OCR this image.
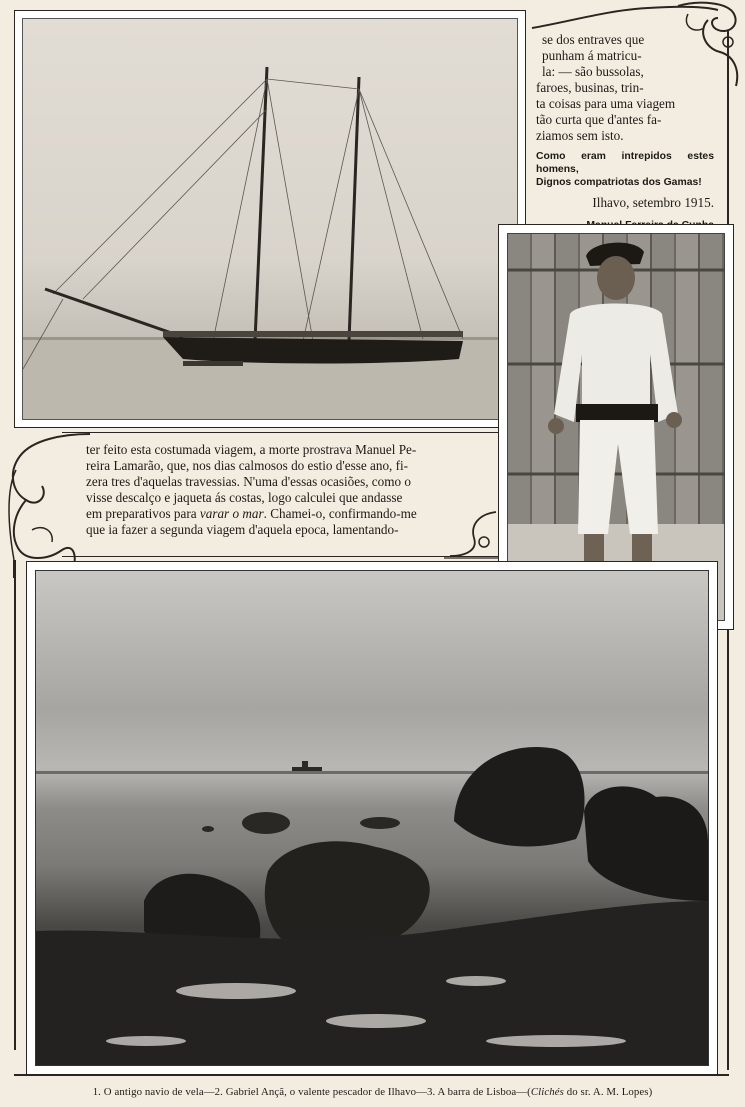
se dos entraves que

punham á matricu-

la: — são bussolas,

faroes, businas, trin-

ta coisas para uma viagem

tão curta que d'antes fa-

ziamos sem isto.

Como eram intrepidos estes homens,

Dignos compatriotas dos Gamas!

Ilhavo, setembro 1915.

ter feito esta costumada viagem, a morte prostrava Manuel Pe-

reira Lamarão, que, nos dias calmosos do estio d'esse ano, fi-

zera tres d'aquelas travessias. N'uma d'essas ocasiões, como o

visse descalço e jaqueta ás costas, logo calculei que andasse

em preparativos para varar o mar. Chamei-o, confirmando-me

que ia fazer a segunda viagem d'aquela epoca, lamentando-

1. O antigo navio de vela—2. Gabriel Ançã, o valente pescador de Ilhavo—3. A barra de Lisboa—(Clichés do sr. A. M. Lopes)
